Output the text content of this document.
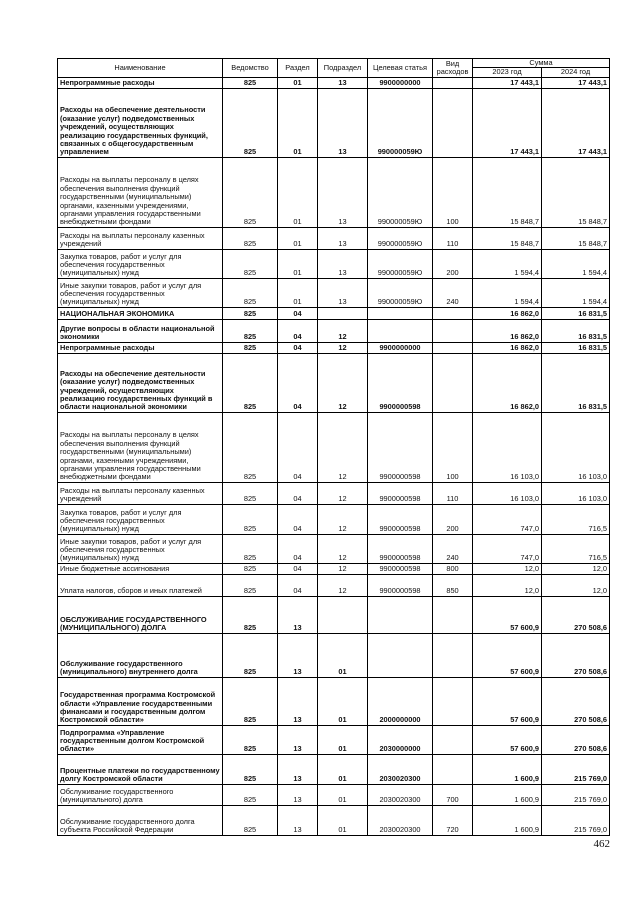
Наименование	Ведомство	Раздел	Подраздел	Целевая статья	Вид расходов	Сумма	
						2023 год	2024 год
Непрограммные расходы	825	01	13	9900000000		17 443,1	17 443,1
Расходы на обеспечение деятельности (оказание услуг) подведомственных учреждений, осуществляющих реализацию государственных функций, связанных с общегосударственным управлением	825	01	13	990000059Ю		17 443,1	17 443,1
Расходы на выплаты персоналу в целях обеспечения выполнения функций государственными (муниципальными) органами, казенными учреждениями, органами управления государственными внебюджетными фондами	825	01	13	990000059Ю	100	15 848,7	15 848,7
Расходы на выплаты персоналу казенных учреждений	825	01	13	990000059Ю	110	15 848,7	15 848,7
Закупка товаров, работ и услуг для обеспечения государственных (муниципальных) нужд	825	01	13	990000059Ю	200	1 594,4	1 594,4
Иные закупки товаров, работ и услуг для обеспечения государственных (муниципальных) нужд	825	01	13	990000059Ю	240	1 594,4	1 594,4
НАЦИОНАЛЬНАЯ ЭКОНОМИКА	825	04				16 862,0	16 831,5
Другие вопросы в области национальной экономики	825	04	12			16 862,0	16 831,5
Непрограммные расходы	825	04	12	9900000000		16 862,0	16 831,5
Расходы на обеспечение деятельности (оказание услуг) подведомственных учреждений, осуществляющих реализацию государственных функций в области национальной экономики	825	04	12	9900000598		16 862,0	16 831,5
Расходы на выплаты персоналу в целях обеспечения выполнения функций государственными (муниципальными) органами, казенными учреждениями, органами управления государственными внебюджетными фондами	825	04	12	9900000598	100	16 103,0	16 103,0
Расходы на выплаты персоналу казенных учреждений	825	04	12	9900000598	110	16 103,0	16 103,0
Закупка товаров, работ и услуг для обеспечения государственных (муниципальных) нужд	825	04	12	9900000598	200	747,0	716,5
Иные закупки товаров, работ и услуг для обеспечения государственных (муниципальных) нужд	825	04	12	9900000598	240	747,0	716,5
Иные бюджетные ассигнования	825	04	12	9900000598	800	12,0	12,0
Уплата налогов, сборов и иных платежей	825	04	12	9900000598	850	12,0	12,0
ОБСЛУЖИВАНИЕ ГОСУДАРСТВЕННОГО (МУНИЦИПАЛЬНОГО) ДОЛГА	825	13				57 600,9	270 508,6
Обслуживание государственного (муниципального) внутреннего долга	825	13	01			57 600,9	270 508,6
Государственная программа Костромской области «Управление государственными финансами и государственным долгом Костромской области»	825	13	01	2000000000		57 600,9	270 508,6
Подпрограмма «Управление государственным долгом Костромской области»	825	13	01	2030000000		57 600,9	270 508,6
Процентные платежи по государственному долгу Костромской области	825	13	01	2030020300		1 600,9	215 769,0
Обслуживание государственного (муниципального) долга	825	13	01	2030020300	700	1 600,9	215 769,0
Обслуживание государственного долга субъекта Российской Федерации	825	13	01	2030020300	720	1 600,9	215 769,0
462
